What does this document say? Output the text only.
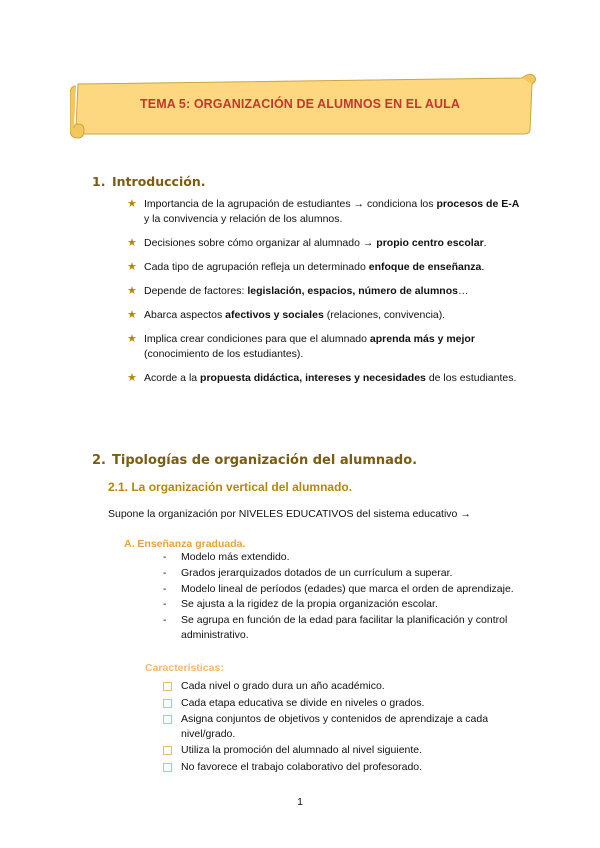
TEMA 5: ORGANIZACIÓN DE ALUMNOS EN EL AULA
1. Introducción.
★ Importancia de la agrupación de estudiantes → condiciona los procesos de E-A y la convivencia y relación de los alumnos.
★ Decisiones sobre cómo organizar al alumnado → propio centro escolar.
★ Cada tipo de agrupación refleja un determinado enfoque de enseñanza.
★ Depende de factores: legislación, espacios, número de alumnos…
★ Abarca aspectos afectivos y sociales (relaciones, convivencia).
★ Implica crear condiciones para que el alumnado aprenda más y mejor (conocimiento de los estudiantes).
★ Acorde a la propuesta didáctica, intereses y necesidades de los estudiantes.
2. Tipologías de organización del alumnado.
2.1. La organización vertical del alumnado.
Supone la organización por NIVELES EDUCATIVOS del sistema educativo →
A. Enseñanza graduada.
- Modelo más extendido.
- Grados jerarquizados dotados de un currículum a superar.
- Modelo lineal de períodos (edades) que marca el orden de aprendizaje.
- Se ajusta a la rigidez de la propia organización escolar.
- Se agrupa en función de la edad para facilitar la planificación y control administrativo.
Características:
Cada nivel o grado dura un año académico.
Cada etapa educativa se divide en niveles o grados.
Asigna conjuntos de objetivos y contenidos de aprendizaje a cada nivel/grado.
Utiliza la promoción del alumnado al nivel siguiente.
No favorece el trabajo colaborativo del profesorado.
1
